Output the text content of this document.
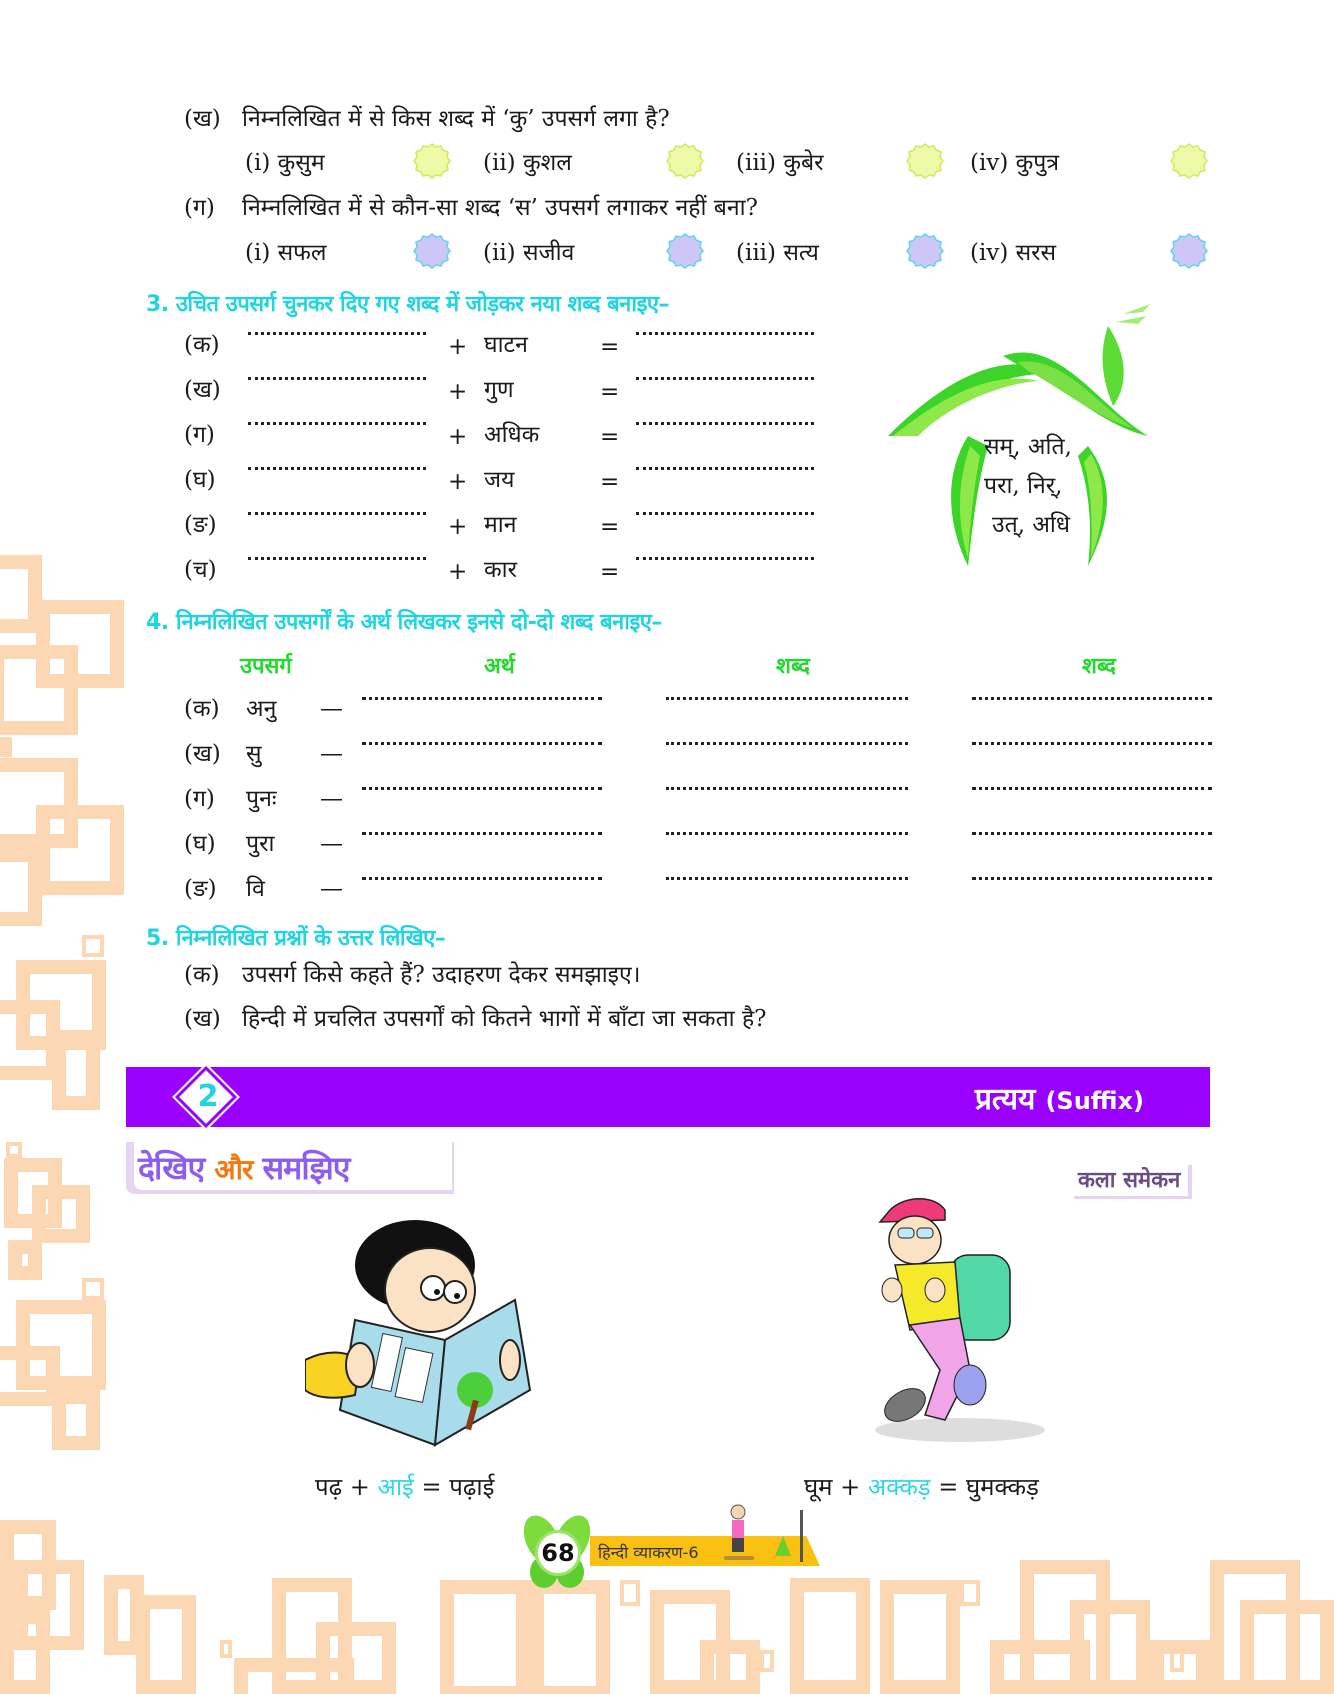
(ख) निम्नलिखित में से किस शब्द में ‘कु’ उपसर्ग लगा है?
(i) कुसुम	(ii) कुशल	(iii) कुबेर	(iv) कुपुत्र
(ग) निम्नलिखित में से कौन-सा शब्द ‘स’ उपसर्ग लगाकर नहीं बना?
(i) सफल	(ii) सजीव	(iii) सत्य	(iv) सरस
3. उचित उपसर्ग चुनकर दिए गए शब्द में जोड़कर नया शब्द बनाइए–
(क)	+ घाटन	=
(ख)	+ गुण	=
(ग)	+ अधिक	=
(घ)	+ जय	=
(ङ)	+ मान	=
(च)	+ कार	=
सम्, अति,
परा, निर्,
उत्, अधि
4. निम्नलिखित उपसर्गों के अर्थ लिखकर इनसे दो-दो शब्द बनाइए–
उपसर्ग	अर्थ	शब्द	शब्द
(क) अनु —
(ख) सु	—
(ग) पुनः —
(घ) पुरा —
(ङ) वि —
5. निम्नलिखित प्रश्नों के उत्तर लिखिए–
(क) उपसर्ग किसे कहते हैं? उदाहरण देकर समझाइए।
(ख) हिन्दी में प्रचलित उपसर्गों को कितने भागों में बाँटा जा सकता है?
2	प्रत्यय (Suffix)
देखिए और समझिए	कला समेकन
पढ़ + आई = पढ़ाई	घूम + अक्कड़ = घुमक्कड़
68	हिन्दी व्याकरण-6
